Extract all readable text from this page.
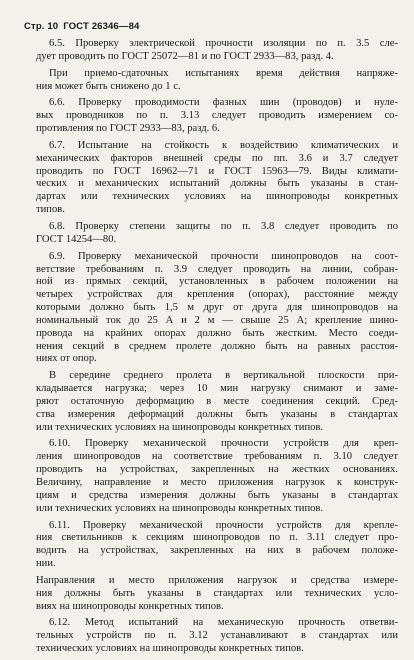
Стр. 10 ГОСТ 26346—84
6.5. Проверку электрической прочности изоляции по п. 3.5 сле-
дует проводить по ГОСТ 25072—81 и по ГОСТ 2933—83, разд. 4.
При приемо-сдаточных испытаниях время действия напряже-
ния может быть снижено до 1 с.
6.6. Проверку проводимости фазных шин (проводов) и нуле-
вых проводников по п. 3.13 следует проводить измерением со-
противления по ГОСТ 2933—83, разд. 6.
6.7. Испытание на стойкость к воздействию климатических и
механических факторов внешней среды по пп. 3.6 и 3.7 следует
проводить по ГОСТ 16962—71 и ГОСТ 15963—79. Виды климати-
ческих и механических испытаний должны быть указаны в стан-
дартах или технических условиях на шинопроводы конкретных
типов.
6.8. Проверку степени защиты по п. 3.8 следует проводить по
ГОСТ 14254—80.
6.9. Проверку механической прочности шинопроводов на соот-
ветствие требованиям п. 3.9 следует проводить на линии, собран-
ной из прямых секций, установленных в рабочем положении на
четырех устройствах для крепления (опорах), расстояние между
которыми должно быть 1,5 м друг от друга для шинопроводов на
номинальный ток до 25 А и 2 м — свыше 25 А; крепление шино-
провода на крайних опорах должно быть жестким. Место соеди-
нения секций в среднем пролете должно быть на равных расстоя-
ниях от опор.
В середине среднего пролета в вертикальной плоскости при-
кладывается нагрузка; через 10 мин нагрузку снимают и заме-
ряют остаточную деформацию в месте соединения секций. Сред-
ства измерения деформаций должны быть указаны в стандартах
или технических условиях на шинопроводы конкретных типов.
6.10. Проверку механической прочности устройств для креп-
ления шинопроводов на соответствие требованиям п. 3.10 следует
проводить на устройствах, закрепленных на жестких основаниях.
Величину, направление и место приложения нагрузок к конструк-
циям и средства измерения должны быть указаны в стандартах
или технических условиях на шинопроводы конкретных типов.
6.11. Проверку механической прочности устройств для крепле-
ния светильников к секциям шинопроводов по п. 3.11 следует про-
водить на устройствах, закрепленных на них в рабочем положе-
нии.
Направления и место приложения нагрузок и средства измере-
ния должны быть указаны в стандартах или технических усло-
виях на шинопроводы конкретных типов.
6.12. Метод испытаний на механическую прочность ответви-
тельных устройств по п. 3.12 устанавливают в стандартах или
технических условиях на шинопроводы конкретных типов.
